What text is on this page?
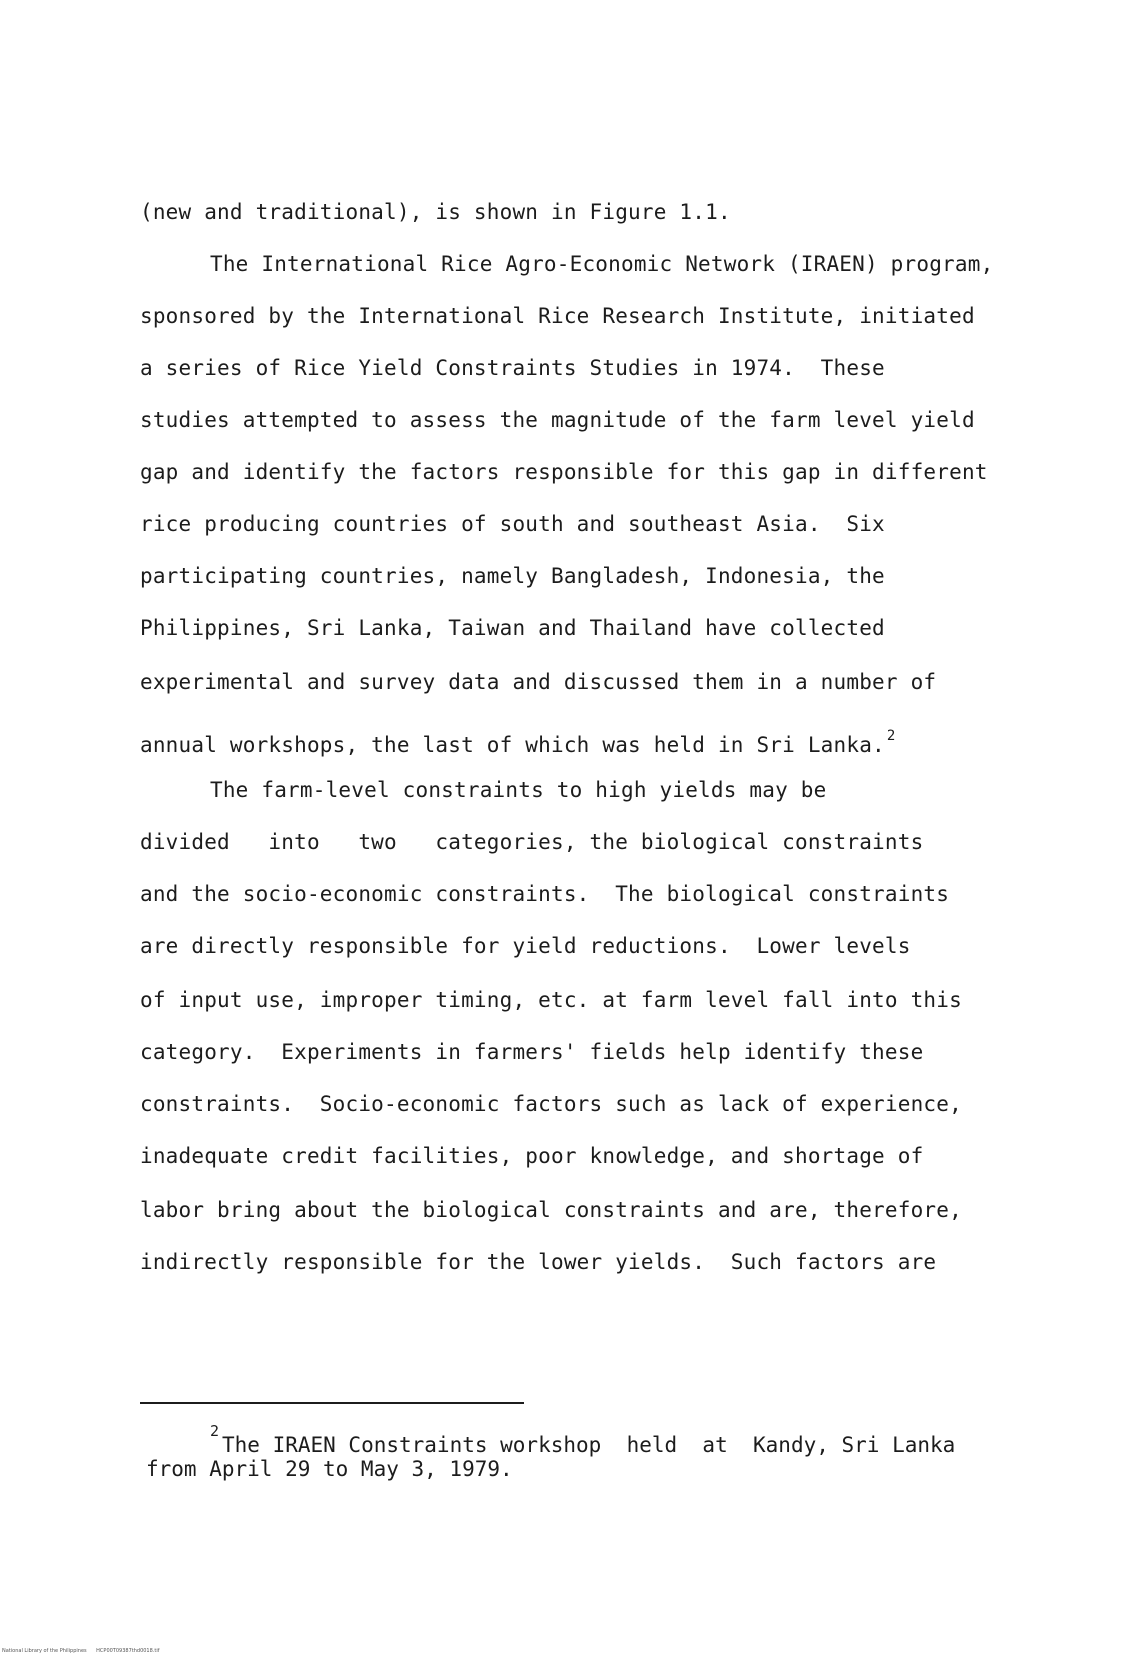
(new and traditional), is shown in Figure 1.1.
The International Rice Agro-Economic Network (IRAEN) program,
sponsored by the International Rice Research Institute, initiated
a series of Rice Yield Constraints Studies in 1974.  These
studies attempted to assess the magnitude of the farm level yield
gap and identify the factors responsible for this gap in different
rice producing countries of south and southeast Asia.  Six
participating countries, namely Bangladesh, Indonesia, the
Philippines, Sri Lanka, Taiwan and Thailand have collected
experimental and survey data and discussed them in a number of
annual workshops, the last of which was held in Sri Lanka. $^2$
The farm-level constraints to high yields may be
divided   into   two   categories, the biological constraints
and the socio-economic constraints.  The biological constraints
are directly responsible for yield reductions.  Lower levels
of input use, improper timing, etc. at farm level fall into this
category.  Experiments in farmers' fields help identify these
constraints.  Socio-economic factors such as lack of experience,
inadequate credit facilities, poor knowledge, and shortage of
labor bring about the biological constraints and are, therefore,
indirectly responsible for the lower yields.  Such factors are
2
The IRAEN Constraints workshop  held  at  Kandy, Sri Lanka
from April 29 to May 3, 1979.
National Library of the Philippines      HCP00T09387thd0018.tif
